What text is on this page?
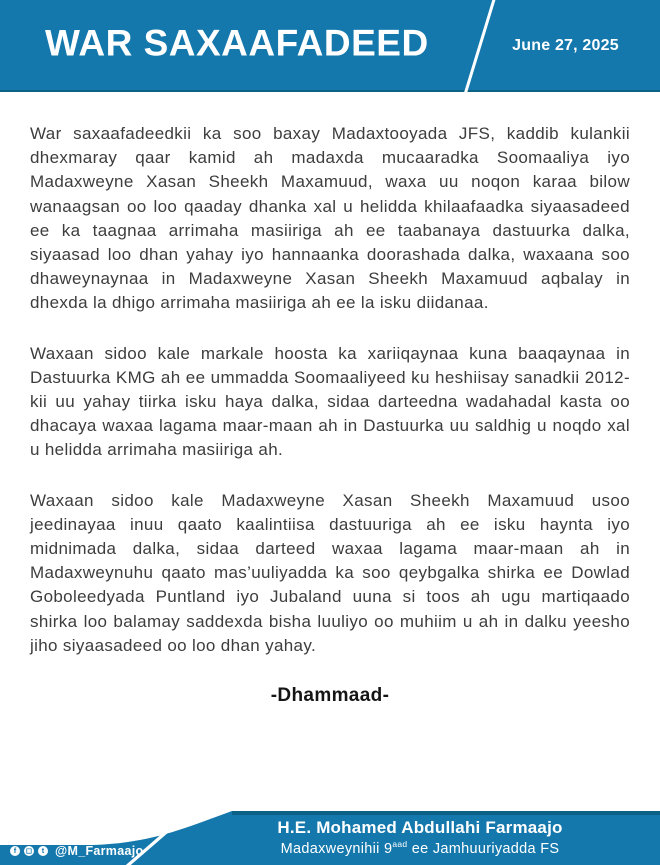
WAR SAXAAFADEED	June 27, 2025

War saxaafadeedkii ka soo baxay Madaxtooyada JFS, kaddib kulankii dhexmaray qaar kamid ah madaxda mucaaradka Soomaaliya iyo Madaxweyne Xasan Sheekh Maxamuud, waxa uu noqon karaa bilow wanaagsan oo loo qaaday dhanka xal u helidda khilaafaadka siyaasadeed ee ka taagnaa arrimaha masiiriga ah ee taabanaya dastuurka dalka, siyaasad loo dhan yahay iyo hannaanka doorashada dalka, waxaana soo dhaweynaynaa in Madaxweyne Xasan Sheekh Maxamuud aqbalay in dhexda la dhigo arrimaha masiiriga ah ee la isku diidanaa.

Waxaan sidoo kale markale hoosta ka xariiqaynaa kuna baaqaynaa in Dastuurka KMG ah ee ummadda Soomaaliyeed ku heshiisay sanadkii 2012-kii uu yahay tiirka isku haya dalka, sidaa darteedna wadahadal kasta oo dhacaya waxaa lagama maar-maan ah in Dastuurka uu saldhig u noqdo xal u helidda arrimaha masiiriga ah.

Waxaan sidoo kale Madaxweyne Xasan Sheekh Maxamuud usoo jeedinayaa inuu qaato kaalintiisa dastuuriga ah ee isku haynta iyo midnimada dalka, sidaa darteed waxaa lagama maar-maan ah in Madaxweynuhu qaato mas’uuliyadda ka soo qeybgalka shirka ee Dowlad Goboleedyada Puntland iyo Jubaland uuna si toos ah ugu martiqaado shirka loo balamay saddexda bisha luuliyo oo muhiim u ah in dalku yeesho jiho siyaasadeed oo loo dhan yahay.

-Dhammaad-

H.E. Mohamed Abdullahi Farmaajo
Madaxweynihii $9^{aad}$ ee Jamhuuriyadda FS
f	◻	t @M_Farmaajo
